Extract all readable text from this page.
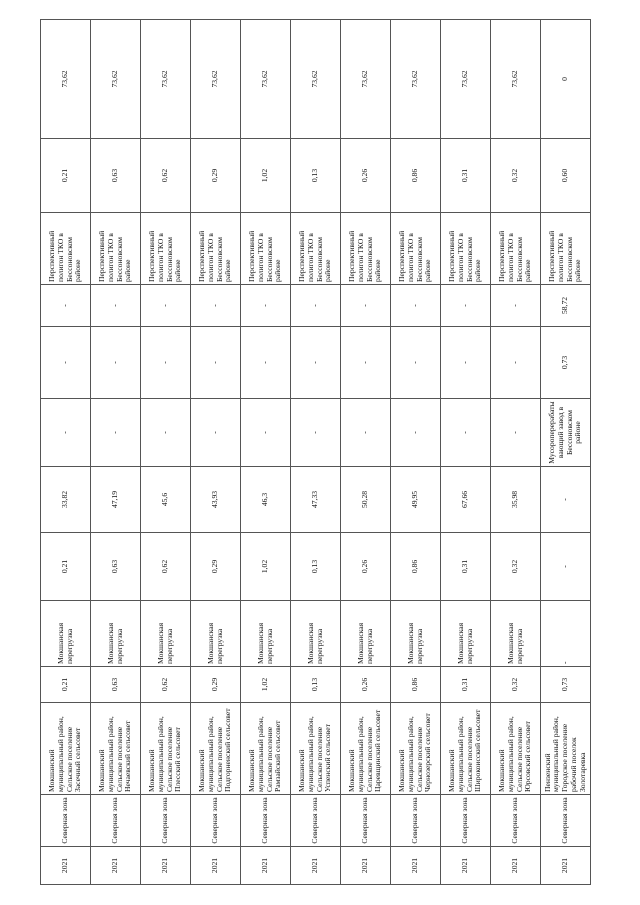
2021	Северная зона	Мокшанский муниципальный район, Сельское поселение Засечный сельсовет	0,21	Мокшанская перегрузка	0,21	33,82	-	-	-	Перспективный полигон ТКО в Бессоновском районе	0,21	73,62
2021	Северная зона	Мокшанский муниципальный район, Сельское поселение Нечаевский сельсовет	0,63	Мокшанская перегрузка	0,63	47,19	-	-	-	Перспективный полигон ТКО в Бессоновском районе	0,63	73,62
2021	Северная зона	Мокшанский муниципальный район, Сельское поселение Плесский сельсовет	0,62	Мокшанская перегрузка	0,62	45,6	-	-	-	Перспективный полигон ТКО в Бессоновском районе	0,62	73,62
2021	Северная зона	Мокшанский муниципальный район, Сельское поселение Подгорненский сельсовет	0,29	Мокшанская перегрузка	0,29	43,93	-	-	-	Перспективный полигон ТКО в Бессоновском районе	0,29	73,62
2021	Северная зона	Мокшанский муниципальный район, Сельское поселение Рамзайский сельсовет	1,02	Мокшанская перегрузка	1,02	46,3	-	-	-	Перспективный полигон ТКО в Бессоновском районе	1,02	73,62
2021	Северная зона	Мокшанский муниципальный район, Сельское поселение Успенский сельсовет	0,13	Мокшанская перегрузка	0,13	47,33	-	-	-	Перспективный полигон ТКО в Бессоновском районе	0,13	73,62
2021	Северная зона	Мокшанский муниципальный район, Сельское поселение Царевщинский сельсовет	0,26	Мокшанская перегрузка	0,26	50,28	-	-	-	Перспективный полигон ТКО в Бессоновском районе	0,26	73,62
2021	Северная зона	Мокшанский муниципальный район, Сельское поселение Чернозерский сельсовет	0,86	Мокшанская перегрузка	0,86	49,95	-	-	-	Перспективный полигон ТКО в Бессоновском районе	0,86	73,62
2021	Северная зона	Мокшанский муниципальный район, Сельское поселение Широкоисский сельсовет	0,31	Мокшанская перегрузка	0,31	67,66	-	-	-	Перспективный полигон ТКО в Бессоновском районе	0,31	73,62
2021	Северная зона	Мокшанский муниципальный район, Сельское поселение Юрсовский сельсовет	0,32	Мокшанская перегрузка	0,32	35,98	-	-	-	Перспективный полигон ТКО в Бессоновском районе	0,32	73,62
2021	Северная зона	Пензенский муниципальный район, Городское поселение рабочий поселок Золотаревка	0,73	-	-	-	Мусороперерабатывающий завод в Бессоновском районе	0,73	58,72	Перспективный полигон ТКО в Бессоновском районе	0,60	0
